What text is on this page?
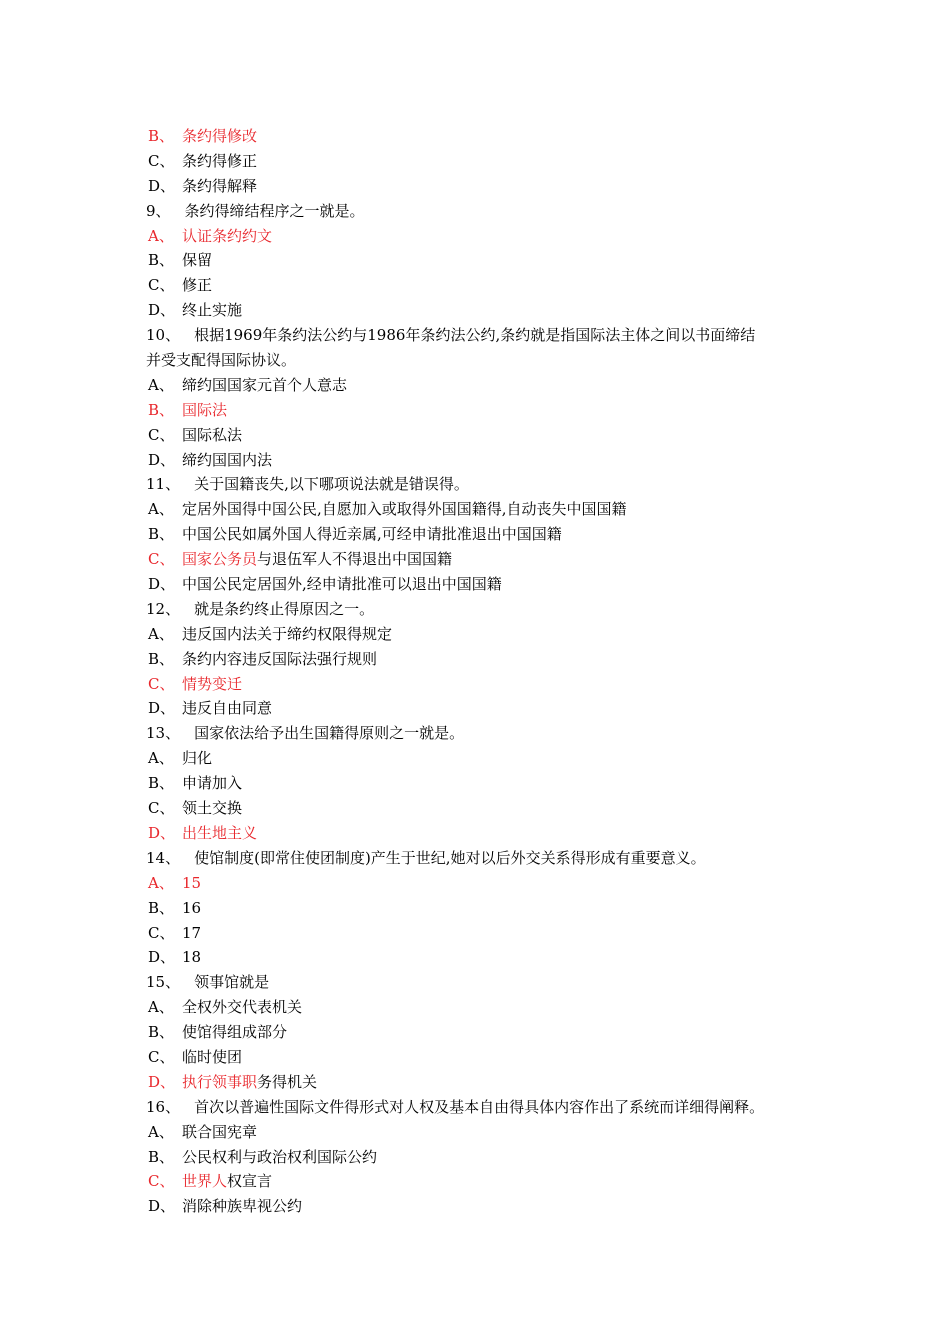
B、 条约得修改
C、 条约得修正
D、 条约得解释
9、 条约得缔结程序之一就是。
A、 认证条约约文
B、 保留
C、 修正
D、 终止实施
10、 根据1969年条约法公约与1986年条约法公约,条约就是指国际法主体之间以书面缔结
并受支配得国际协议。
A、 缔约国国家元首个人意志
B、 国际法
C、 国际私法
D、 缔约国国内法
11、 关于国籍丧失,以下哪项说法就是错误得。
A、 定居外国得中国公民,自愿加入或取得外国国籍得,自动丧失中国国籍
B、 中国公民如属外国人得近亲属,可经申请批准退出中国国籍
C、 国家公务员与退伍军人不得退出中国国籍
D、 中国公民定居国外,经申请批准可以退出中国国籍
12、 就是条约终止得原因之一。
A、 违反国内法关于缔约权限得规定
B、 条约内容违反国际法强行规则
C、 情势变迁
D、 违反自由同意
13、 国家依法给予出生国籍得原则之一就是。
A、 归化
B、 申请加入
C、 领土交换
D、 出生地主义
14、 使馆制度(即常住使团制度)产生于世纪,她对以后外交关系得形成有重要意义。
A、 15
B、 16
C、 17
D、 18
15、 领事馆就是
A、 全权外交代表机关
B、 使馆得组成部分
C、 临时使团
D、 执行领事职务得机关
16、 首次以普遍性国际文件得形式对人权及基本自由得具体内容作出了系统而详细得阐释。
A、 联合国宪章
B、 公民权利与政治权利国际公约
C、 世界人权宣言
D、 消除种族卑视公约
